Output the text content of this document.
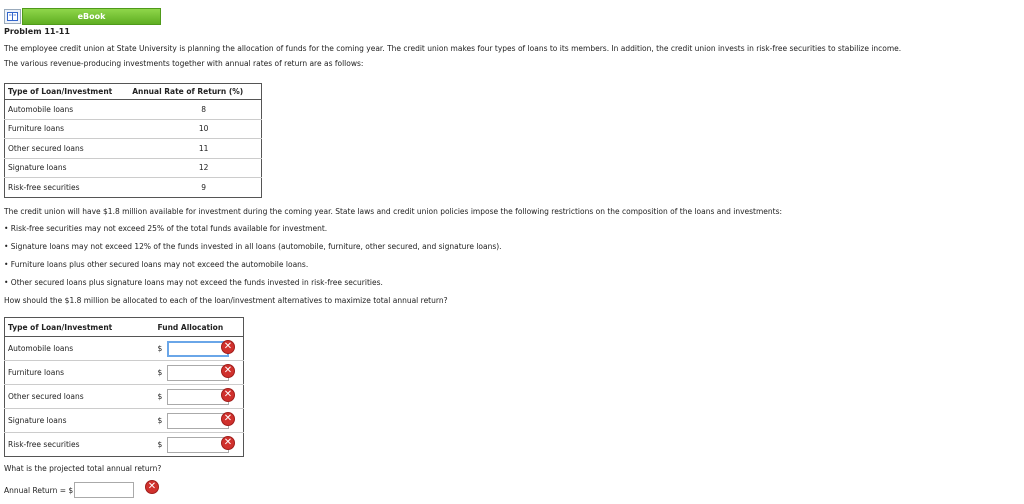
eBook
Problem 11-11
The employee credit union at State University is planning the allocation of funds for the coming year. The credit union makes four types of loans to its members. In addition, the credit union invests in risk-free securities to stabilize income.
The various revenue-producing investments together with annual rates of return are as follows:
Type of Loan/Investment	Annual Rate of Return (%)
Automobile loans	8
Furniture loans	10
Other secured loans	11
Signature loans	12
Risk-free securities	9
The credit union will have $1.8 million available for investment during the coming year. State laws and credit union policies impose the following restrictions on the composition of the loans and investments:
• Risk-free securities may not exceed 25% of the total funds available for investment.
• Signature loans may not exceed 12% of the funds invested in all loans (automobile, furniture, other secured, and signature loans).
• Furniture loans plus other secured loans may not exceed the automobile loans.
• Other secured loans plus signature loans may not exceed the funds invested in risk-free securities.
How should the $1.8 million be allocated to each of the loan/investment alternatives to maximize total annual return?
Type of Loan/Investment	Fund Allocation
Automobile loans	$

Furniture loans	$

Other secured loans	$

Signature loans	$

Risk-free securities	$
✕
✕
✕
✕
✕
What is the projected total annual return?
Annual Return = $	✕
